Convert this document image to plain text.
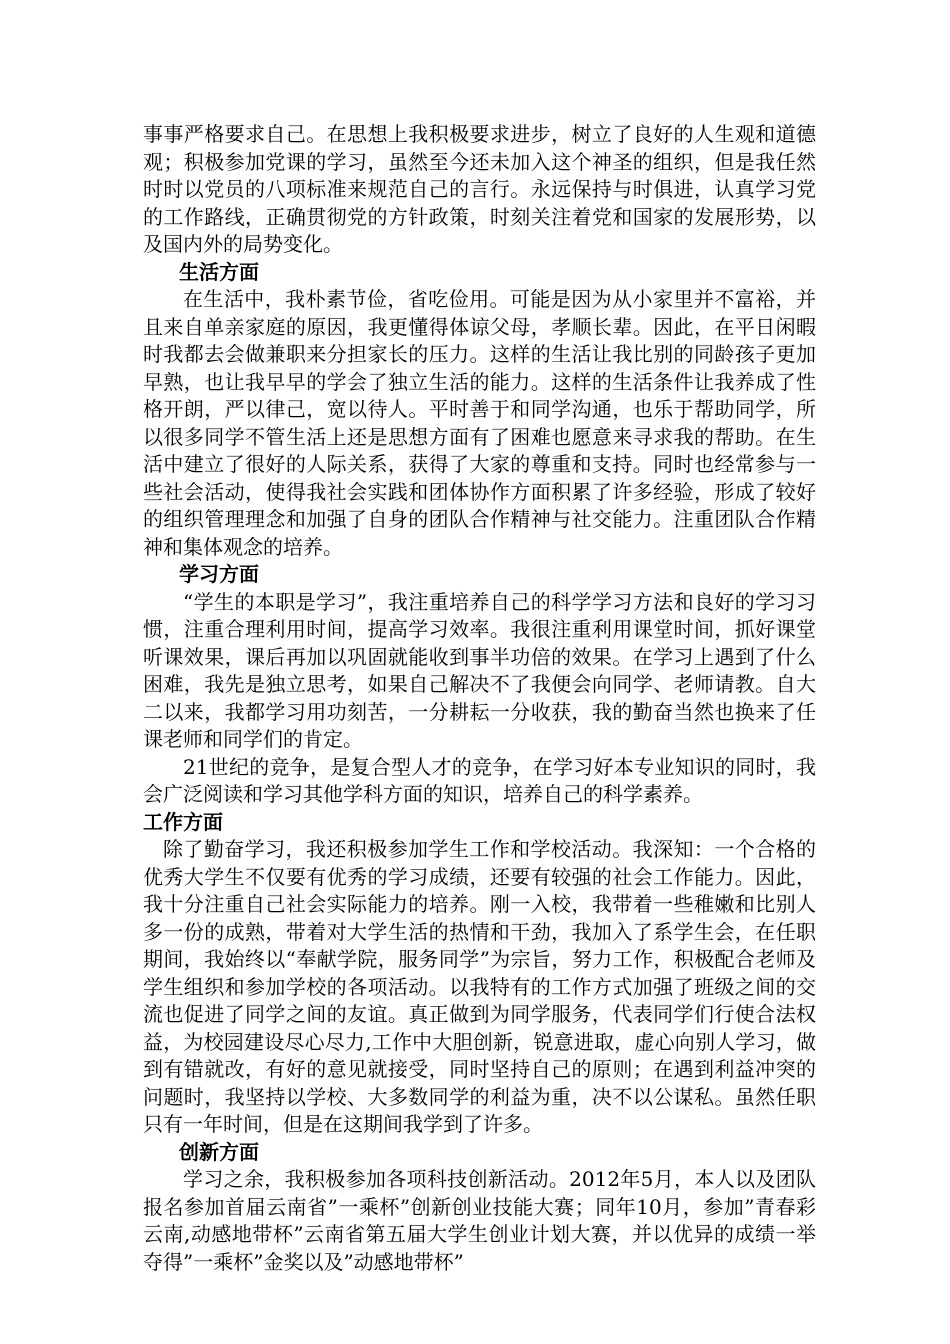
事事严格要求自己。在思想上我积极要求进步，树立了良好的人生观和道德观；积极参加党课的学习，虽然至今还未加入这个神圣的组织，但是我任然时时以党员的八项标准来规范自己的言行。永远保持与时俱进，认真学习党的工作路线，正确贯彻党的方针政策，时刻关注着党和国家的发展形势，以及国内外的局势变化。

生活方面

在生活中，我朴素节俭，省吃俭用。可能是因为从小家里并不富裕，并且来自单亲家庭的原因，我更懂得体谅父母，孝顺长辈。因此，在平日闲暇时我都去会做兼职来分担家长的压力。这样的生活让我比别的同龄孩子更加早熟，也让我早早的学会了独立生活的能力。这样的生活条件让我养成了性格开朗，严以律己，宽以待人。平时善于和同学沟通，也乐于帮助同学，所以很多同学不管生活上还是思想方面有了困难也愿意来寻求我的帮助。在生活中建立了很好的人际关系，获得了大家的尊重和支持。同时也经常参与一些社会活动，使得我社会实践和团体协作方面积累了许多经验，形成了较好的组织管理理念和加强了自身的团队合作精神与社交能力。注重团队合作精神和集体观念的培养。

学习方面

“学生的本职是学习”，我注重培养自己的科学学习方法和良好的学习习惯，注重合理利用时间，提高学习效率。我很注重利用课堂时间，抓好课堂听课效果，课后再加以巩固就能收到事半功倍的效果。在学习上遇到了什么困难，我先是独立思考，如果自己解决不了我便会向同学、老师请教。自大二以来，我都学习用功刻苦，一分耕耘一分收获，我的勤奋当然也换来了任课老师和同学们的肯定。

21世纪的竞争，是复合型人才的竞争，在学习好本专业知识的同时，我会广泛阅读和学习其他学科方面的知识，培养自己的科学素养。

工作方面

除了勤奋学习，我还积极参加学生工作和学校活动。我深知：一个合格的优秀大学生不仅要有优秀的学习成绩，还要有较强的社会工作能力。因此，我十分注重自己社会实际能力的培养。刚一入校，我带着一些稚嫩和比别人多一份的成熟，带着对大学生活的热情和干劲，我加入了系学生会，在任职期间，我始终以“奉献学院，服务同学”为宗旨，努力工作，积极配合老师及学生组织和参加学校的各项活动。以我特有的工作方式加强了班级之间的交流也促进了同学之间的友谊。真正做到为同学服务，代表同学们行使合法权益，为校园建设尽心尽力,工作中大胆创新，锐意进取，虚心向别人学习，做到有错就改，有好的意见就接受，同时坚持自己的原则；在遇到利益冲突的问题时，我坚持以学校、大多数同学的利益为重，决不以公谋私。虽然任职只有一年时间，但是在这期间我学到了许多。

创新方面

学习之余，我积极参加各项科技创新活动。2012年5月，本人以及团队报名参加首届云南省”一乘杯”创新创业技能大赛；同年10月，参加”青春彩云南,动感地带杯”云南省第五届大学生创业计划大赛，并以优异的成绩一举夺得”一乘杯”金奖以及”动感地带杯”
